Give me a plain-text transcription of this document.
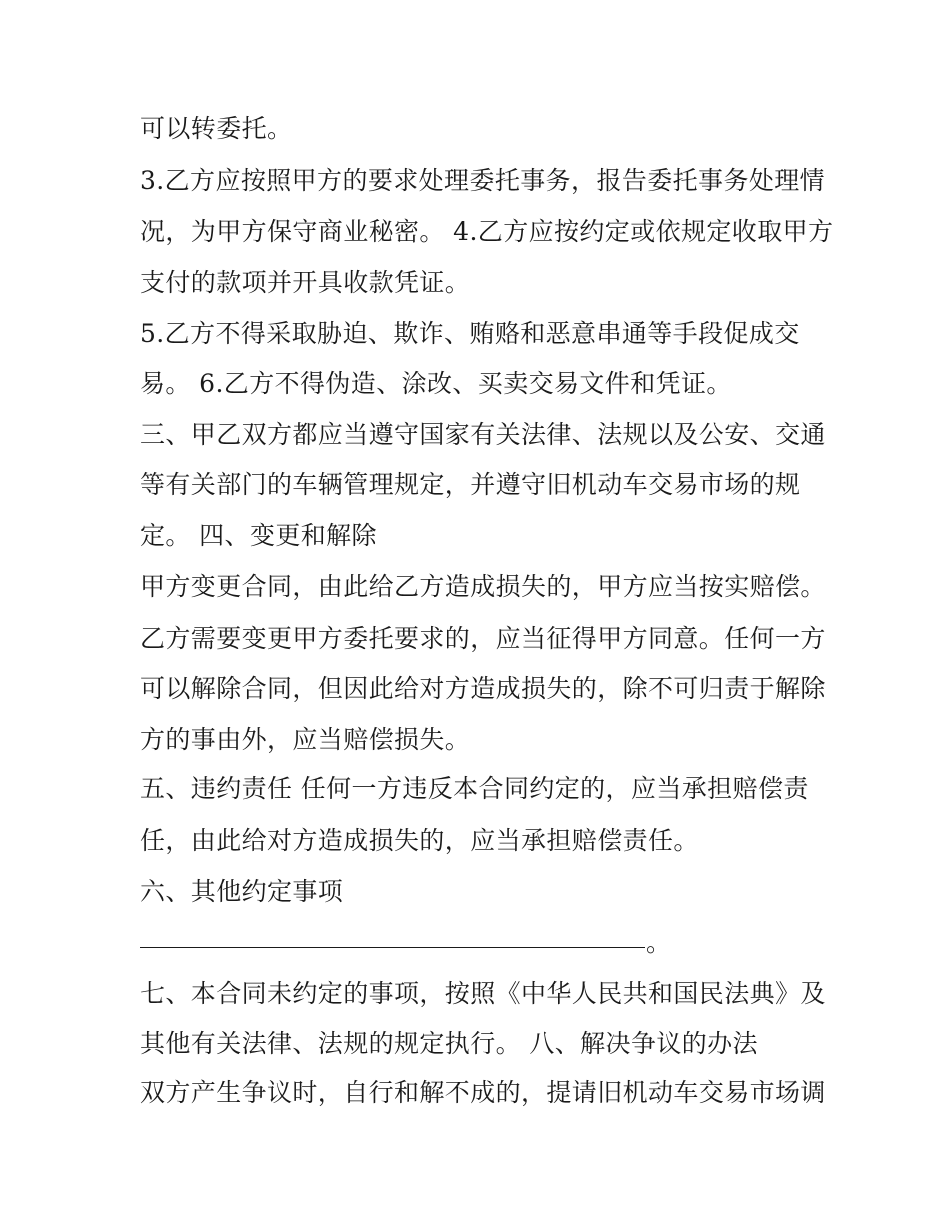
可以转委托。
3.乙方应按照甲方的要求处理委托事务，报告委托事务处理情
况，为甲方保守商业秘密。 4.乙方应按约定或依规定收取甲方
支付的款项并开具收款凭证。
5.乙方不得采取胁迫、欺诈、贿赂和恶意串通等手段促成交
易。 6.乙方不得伪造、涂改、买卖交易文件和凭证。
三、甲乙双方都应当遵守国家有关法律、法规以及公安、交通
等有关部门的车辆管理规定，并遵守旧机动车交易市场的规
定。 四、变更和解除
甲方变更合同，由此给乙方造成损失的，甲方应当按实赔偿。
乙方需要变更甲方委托要求的，应当征得甲方同意。任何一方
可以解除合同，但因此给对方造成损失的，除不可归责于解除
方的事由外，应当赔偿损失。
五、违约责任 任何一方违反本合同约定的，应当承担赔偿责
任，由此给对方造成损失的，应当承担赔偿责任。
六、其他约定事项
。
七、本合同未约定的事项，按照《中华人民共和国民法典》及
其他有关法律、法规的规定执行。 八、解决争议的办法
双方产生争议时，自行和解不成的，提请旧机动车交易市场调
